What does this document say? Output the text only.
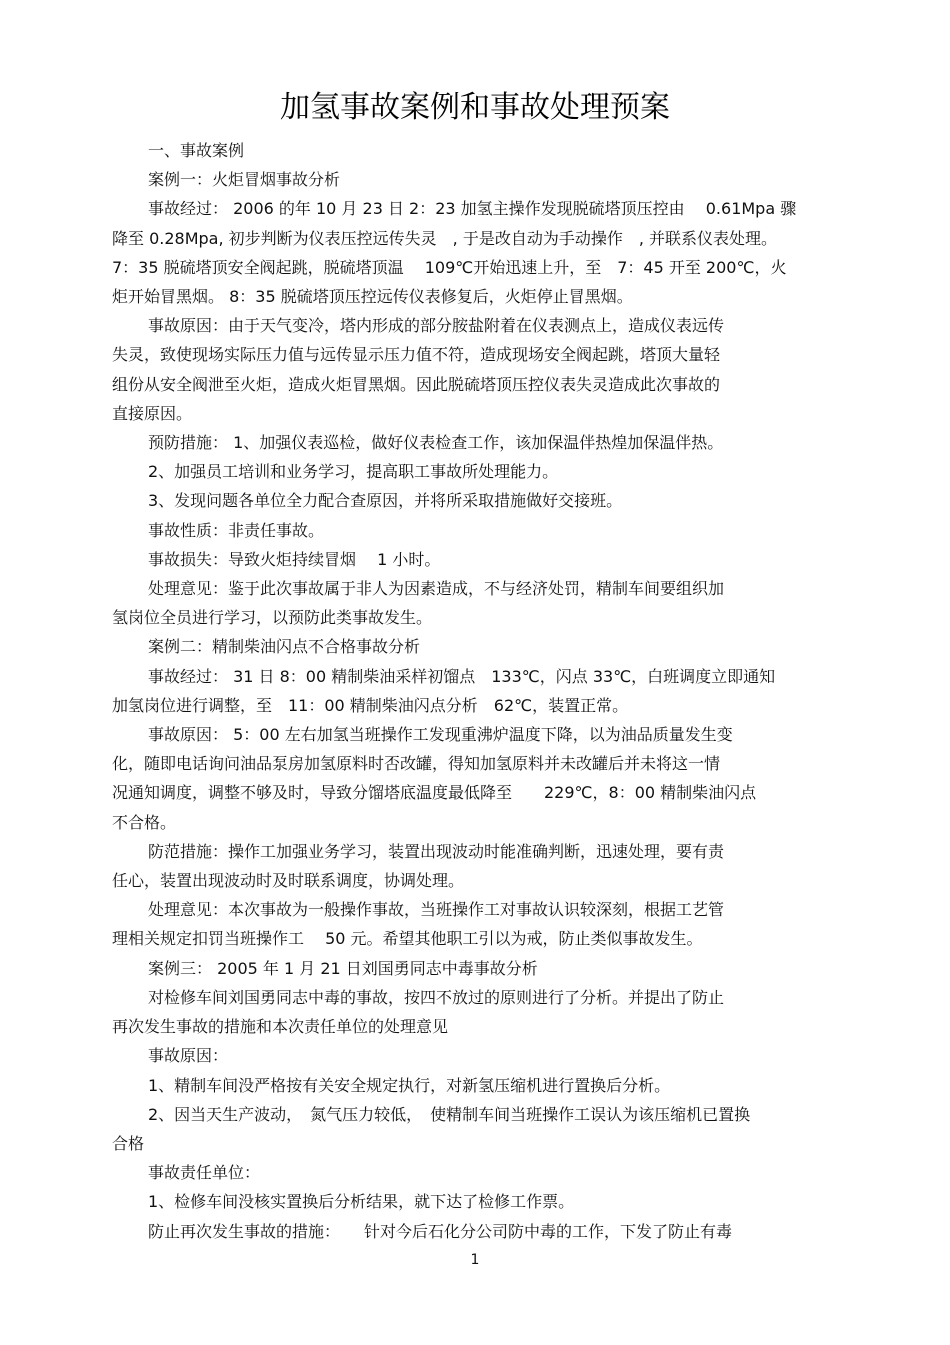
加氢事故案例和事故处理预案

一、事故案例

案例一：火炬冒烟事故分析

事故经过： 2006 的年 10 月 23 日 2：23 加氢主操作发现脱硫塔顶压控由　 0.61Mpa 骤

降至 0.28Mpa, 初步判断为仪表压控远传失灵　, 于是改自动为手动操作　, 并联系仪表处理。

7：35 脱硫塔顶安全阀起跳，脱硫塔顶温　 109℃开始迅速上升，至　7：45 开至 200℃，火

炬开始冒黑烟。 8：35 脱硫塔顶压控远传仪表修复后，火炬停止冒黑烟。

事故原因：由于天气变冷，塔内形成的部分胺盐附着在仪表测点上，造成仪表远传

失灵，致使现场实际压力值与远传显示压力值不符，造成现场安全阀起跳，塔顶大量轻

组份从安全阀泄至火炬，造成火炬冒黑烟。因此脱硫塔顶压控仪表失灵造成此次事故的

直接原因。

预防措施： 1、加强仪表巡检，做好仪表检查工作，该加保温伴热煌加保温伴热。

2、加强员工培训和业务学习，提高职工事故所处理能力。

3、发现问题各单位全力配合查原因，并将所采取措施做好交接班。

事故性质：非责任事故。

事故损失：导致火炬持续冒烟　 1 小时。

处理意见：鉴于此次事故属于非人为因素造成，不与经济处罚，精制车间要组织加

氢岗位全员进行学习，以预防此类事故发生。

案例二：精制柴油闪点不合格事故分析

事故经过： 31 日 8：00 精制柴油采样初馏点　133℃，闪点 33℃，白班调度立即通知

加氢岗位进行调整，至　11：00 精制柴油闪点分析　62℃，装置正常。

事故原因： 5：00 左右加氢当班操作工发现重沸炉温度下降，以为油品质量发生变

化，随即电话询问油品泵房加氢原料时否改罐，得知加氢原料并未改罐后并未将这一情

况通知调度，调整不够及时，导致分馏塔底温度最低降至　　229℃，8：00 精制柴油闪点

不合格。

防范措施：操作工加强业务学习，装置出现波动时能准确判断，迅速处理，要有责

任心，装置出现波动时及时联系调度，协调处理。

处理意见：本次事故为一般操作事故，当班操作工对事故认识较深刻，根据工艺管

理相关规定扣罚当班操作工　 50 元。希望其他职工引以为戒，防止类似事故发生。

案例三： 2005 年 1 月 21 日刘国勇同志中毒事故分析

对检修车间刘国勇同志中毒的事故，按四不放过的原则进行了分析。并提出了防止

再次发生事故的措施和本次责任单位的处理意见

事故原因：

1、精制车间没严格按有关安全规定执行，对新氢压缩机进行置换后分析。

2、因当天生产波动，　氮气压力较低，　使精制车间当班操作工误认为该压缩机已置换

合格

事故责任单位：

1、检修车间没核实置换后分析结果，就下达了检修工作票。

防止再次发生事故的措施：　　针对今后石化分公司防中毒的工作，下发了防止有毒

1
